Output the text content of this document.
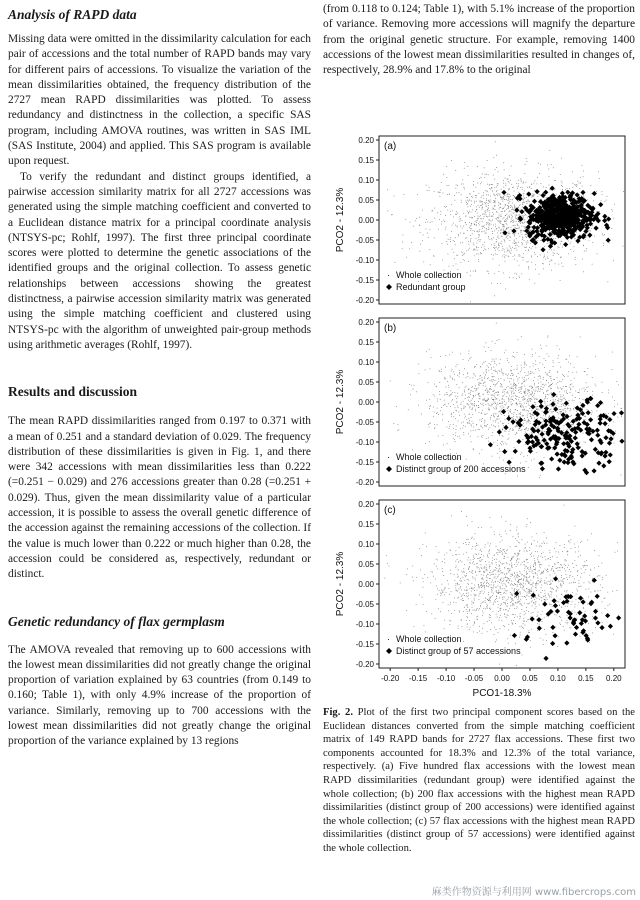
Analysis of RAPD data

Missing data were omitted in the dissimilarity calculation for each pair of accessions and the total number of RAPD bands may vary for different pairs of accessions. To visualize the variation of the mean dissimilarities obtained, the frequency distribution of the 2727 mean RAPD dissimilarities was plotted. To assess redundancy and distinctness in the collection, a specific SAS program, including AMOVA routines, was written in SAS IML (SAS Institute, 2004) and applied. This SAS program is available upon request.

To verify the redundant and distinct groups identified, a pairwise accession similarity matrix for all 2727 accessions was generated using the simple matching coefficient and converted to a Euclidean distance matrix for a principal coordinate analysis (NTSYS-pc; Rohlf, 1997). The first three principal coordinate scores were plotted to determine the genetic associations of the identified groups and the original collection. To assess genetic relationships between accessions showing the greatest distinctness, a pairwise accession similarity matrix was generated using the simple matching coefficient and clustered using NTSYS-pc with the algorithm of unweighted pair-group methods using arithmetic averages (Rohlf, 1997).

Results and discussion

The mean RAPD dissimilarities ranged from 0.197 to 0.371 with a mean of 0.251 and a standard deviation of 0.029. The frequency distribution of these dissimilarities is given in Fig. 1, and there were 342 accessions with mean dissimilarities less than 0.222 (=0.251 − 0.029) and 276 accessions greater than 0.28 (=0.251 + 0.029). Thus, given the mean dissimilarity value of a particular accession, it is possible to assess the overall genetic difference of the accession against the remaining accessions of the collection. If the value is much lower than 0.222 or much higher than 0.28, the accession could be considered as, respectively, redundant or distinct.

Genetic redundancy of flax germplasm

The AMOVA revealed that removing up to 600 accessions with the lowest mean dissimilarities did not greatly change the original proportion of variation explained by 63 countries (from 0.149 to 0.160; Table 1), with only 4.9% increase of the proportion of variance. Similarly, removing up to 700 accessions with the lowest mean dissimilarities did not greatly change the original proportion of the variance explained by 13 regions

(from 0.118 to 0.124; Table 1), with 5.1% increase of the proportion of variance. Removing more accessions will magnify the departure from the original genetic structure. For example, removing 1400 accessions of the lowest mean dissimilarities resulted in changes of, respectively, 28.9% and 17.8% to the original

(a)
0.20
0.15
0.10
0.05
0.00
-0.05
-0.10
-0.15
-0.20
PCO2 - 12.3%
Whole collection
Redundant group
(b)
0.20
0.15
0.10
0.05
0.00
-0.05
-0.10
-0.15
-0.20
PCO2 - 12.3%
Whole collection
Distinct group of 200 accessions
(c)
0.20
0.15
0.10
0.05
0.00
-0.05
-0.10
-0.15
-0.20
PCO2 - 12.3%
-0.20 -0.15 -0.10 -0.05 0.00 0.05 0.10 0.15 0.20
PCO1-18.3%
Whole collection
Distinct group of 57 accessions

Fig. 2. Plot of the first two principal component scores based on the Euclidean distances converted from the simple matching coefficient matrix of 149 RAPD bands for 2727 flax accessions. These first two components accounted for 18.3% and 12.3% of the total variance, respectively. (a) Five hundred flax accessions with the lowest mean RAPD dissimilarities (redundant group) were identified against the whole collection; (b) 200 flax accessions with the highest mean RAPD dissimilarities (distinct group of 200 accessions) were identified against the whole collection; (c) 57 flax accessions with the highest mean RAPD dissimilarities (distinct group of 57 accessions) were identified against the whole collection.

麻类作物资源与利用网 www.fibercrops.com
